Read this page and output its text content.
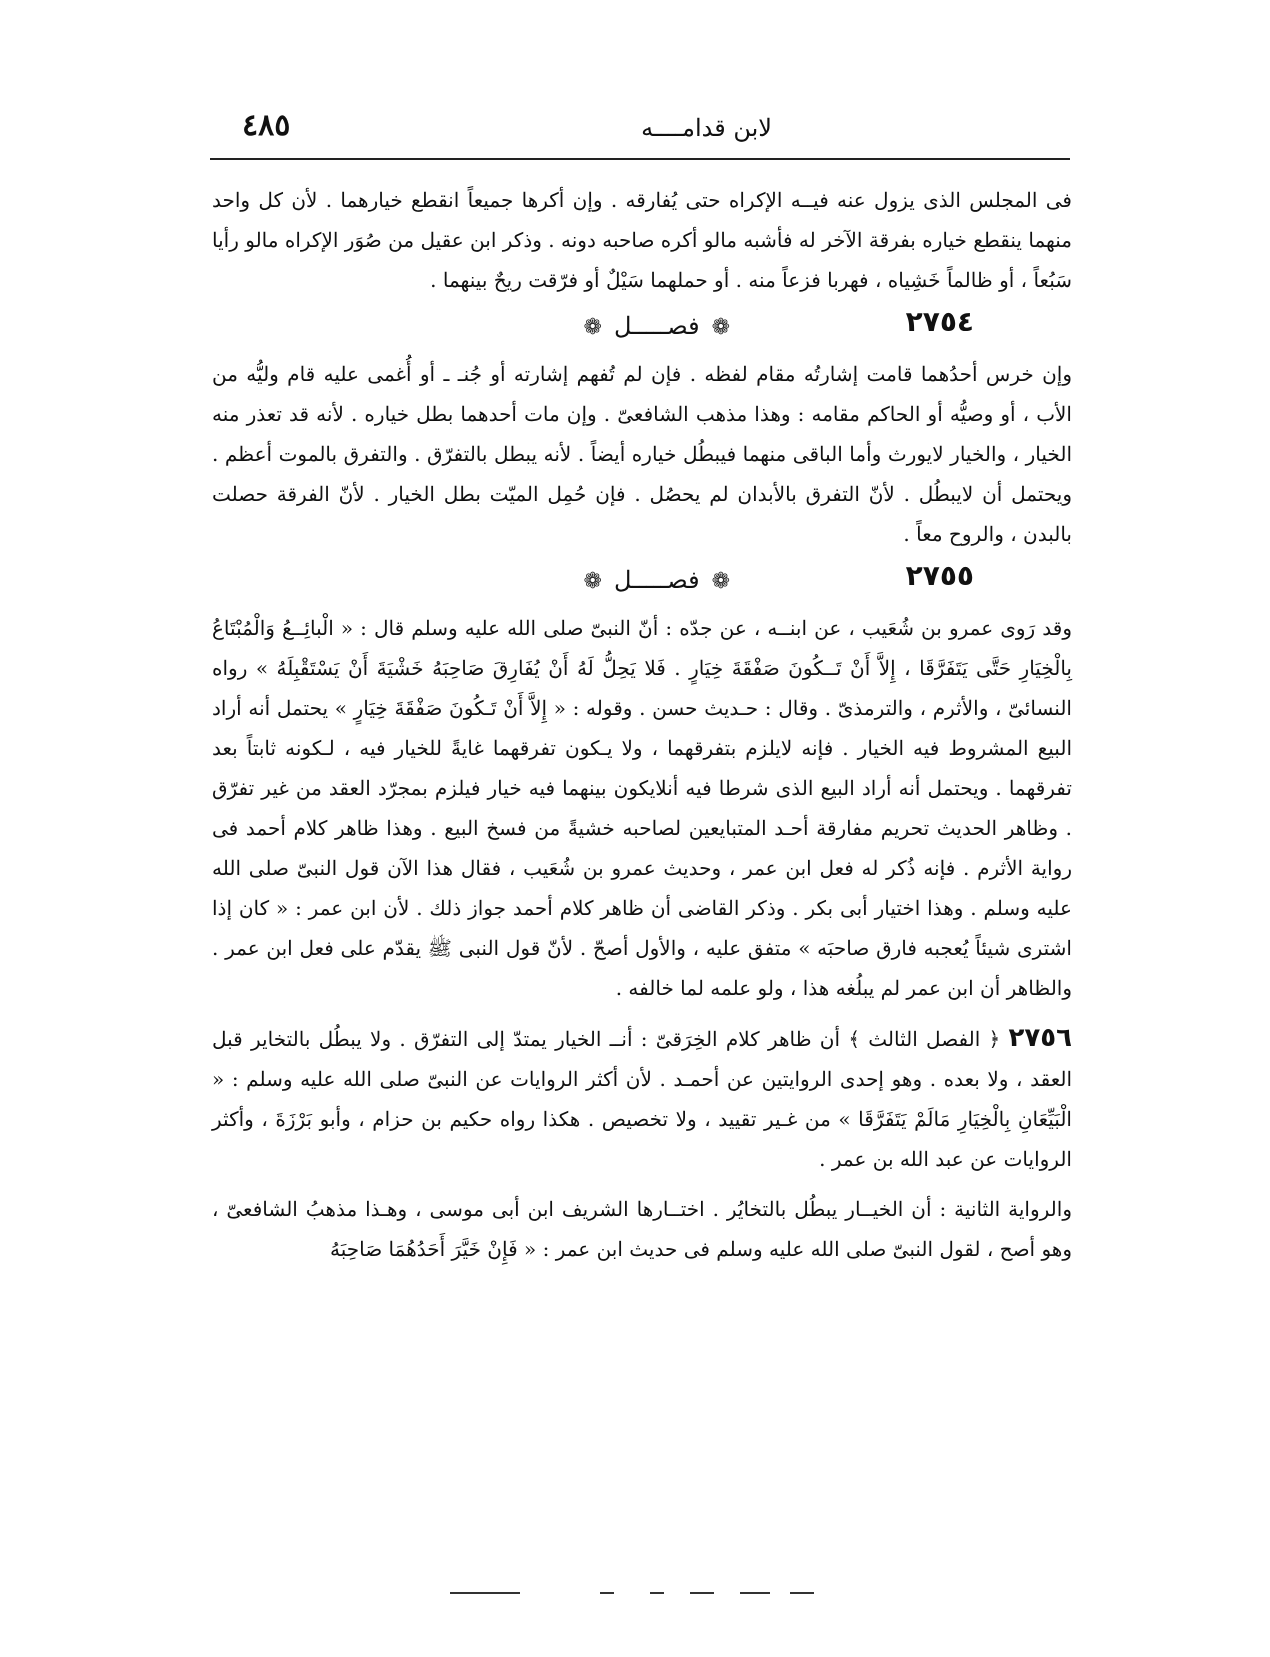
لابن قدامــــه
٤٨٥

فى المجلس الذى يزول عنه فيــه الإكراه حتى يُفارقه . وإن أكرها جميعاً انقطع خيارهما . لأن كل واحد منهما ينقطع خياره بفرقة الآخر له فأشبه مالو أكره صاحبه دونه . وذكر ابن عقيل من صُوَر الإكراه مالو رأيا سَبُعاً ، أو ظالماً خَشِياه ، فهربا فزعاً منه . أو حملهما سَيْلٌ أو فرّقت ريحٌ بينهما .

٢٧٥٤
❁فصـــــل❁

وإن خرس أحدُهما قامت إشارتُه مقام لفظه . فإن لم تُفهم إشارته أو جُنـ ـ أو أُغمى عليه قام وليُّه من الأب ، أو وصيُّه أو الحاكم مقامه : وهذا مذهب الشافعىّ . وإن مات أحدهما بطل خياره . لأنه قد تعذر منه الخيار ، والخيار لايورث وأما الباقى منهما فيبطُل خياره أيضاً . لأنه يبطل بالتفرّق . والتفرق بالموت أعظم . ويحتمل أن لايبطُل . لأنّ التفرق بالأبدان لم يحصُل . فإن حُمِل الميّت بطل الخيار . لأنّ الفرقة حصلت بالبدن ، والروح معاً .

٢٧٥٥
❁فصـــــل❁

وقد رَوى عمرو بن شُعَيب ، عن ابنــه ، عن جدّه : أنّ النبىّ صلى الله عليه وسلم قال : « الْبائِــعُ وَالْمُبْتَاعُ بِالْخِيَارِ حَتَّى يَتَفَرَّقَا ، إِلاَّ أَنْ تَــكُونَ صَفْقَةَ خِيَارٍ . فَلا يَحِلُّ لَهُ أَنْ يُفَارِقَ صَاحِبَهُ خَشْيَةَ أَنْ يَسْتَقْبِلَهُ » رواه النسائىّ ، والأثرم ، والترمذىّ . وقال : حـديث حسن . وقوله : « إِلاَّ أَنْ تَـكُونَ صَفْقَةَ خِيَارٍ » يحتمل أنه أراد البيع المشروط فيه الخيار . فإنه لايلزم بتفرقهما ، ولا يـكون تفرقهما غايةً للخيار فيه ، لـكونه ثابتاً بعد تفرقهما . ويحتمل أنه أراد البيع الذى شرطا فيه أنلايكون بينهما فيه خيار فيلزم بمجرّد العقد من غير تفرّق . وظاهر الحديث تحريم مفارقة أحـد المتبايعين لصاحبه خشيةً من فسخ البيع . وهذا ظاهر كلام أحمد فى رواية الأثرم . فإنه ذُكر له فعل ابن عمر ، وحديث عمرو بن شُعَيب ، فقال هذا الآن قول النبىّ صلى الله عليه وسلم . وهذا اختيار أبى بكر . وذكر القاضى أن ظاهر كلام أحمد جواز ذلك . لأن ابن عمر : « كان إذا اشترى شيئاً يُعجبه فارق صاحبَه » متفق عليه ، والأول أصحّ . لأنّ قول النبى ﷺ يقدّم على فعل ابن عمر . والظاهر أن ابن عمر لم يبلُغه هذا ، ولو علمه لما خالفه .

٢٧٥٦ ﴿ الفصل الثالث ﴾ أن ظاهر كلام الخِرَقىّ : أنــ الخيار يمتدّ إلى التفرّق . ولا يبطُل بالتخاير قبل العقد ، ولا بعده . وهو إحدى الروايتين عن أحمـد . لأن أكثر الروايات عن النبىّ صلى الله عليه وسلم : « الْبَيِّعَانِ بِالْخِيَارِ مَالَمْ يَتَفَرَّقَا » من غـير تقييد ، ولا تخصيص . هكذا رواه حكيم بن حزام ، وأبو بَرْزَةَ ، وأكثر الروايات عن عبد الله بن عمر .

والرواية الثانية : أن الخيــار يبطُل بالتخايُر . اختــارها الشريف ابن أبى موسى ، وهـذا مذهبُ الشافعىّ ، وهو أصح ، لقول النبىّ صلى الله عليه وسلم فى حديث ابن عمر : « فَإِنْ خَيَّرَ أَحَدُهُمَا صَاحِبَهُ
